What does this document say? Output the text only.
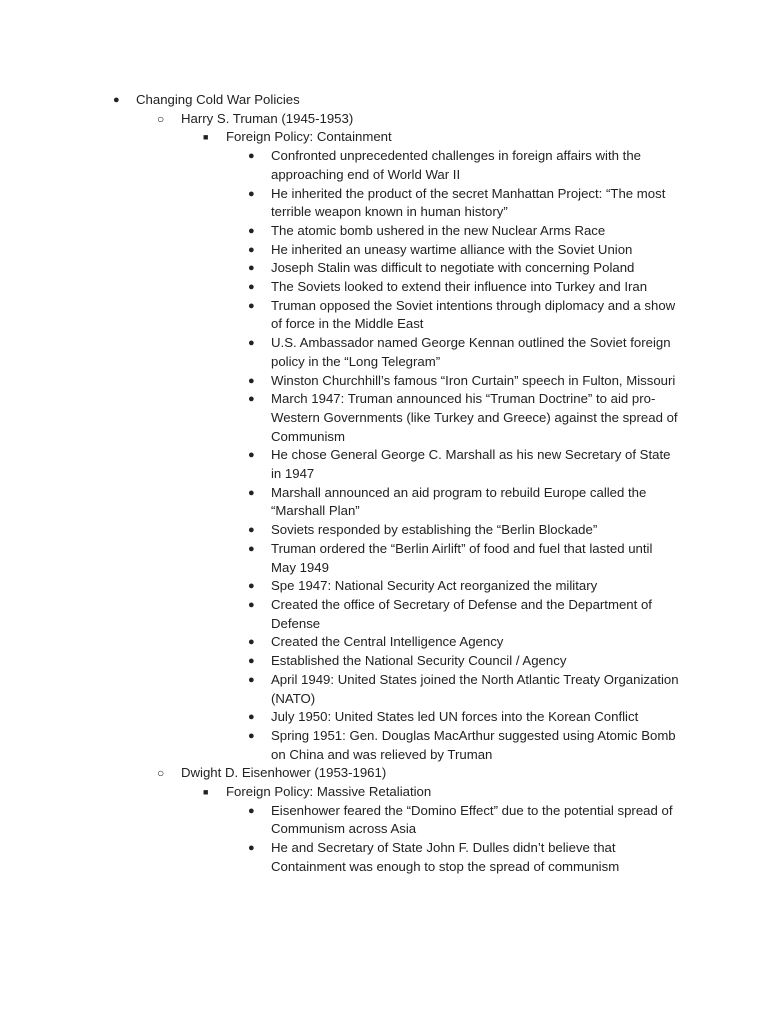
● Changing Cold War Policies
○ Harry S. Truman (1945-1953)
■ Foreign Policy: Containment
● Confronted unprecedented challenges in foreign affairs with the approaching end of World War II
● He inherited the product of the secret Manhattan Project: “The most terrible weapon known in human history”
● The atomic bomb ushered in the new Nuclear Arms Race
● He inherited an uneasy wartime alliance with the Soviet Union
● Joseph Stalin was difficult to negotiate with concerning Poland
● The Soviets looked to extend their influence into Turkey and Iran
● Truman opposed the Soviet intentions through diplomacy and a show of force in the Middle East
● U.S. Ambassador named George Kennan outlined the Soviet foreign policy in the “Long Telegram”
● Winston Churchhill’s famous “Iron Curtain” speech in Fulton, Missouri
● March 1947: Truman announced his “Truman Doctrine” to aid pro-Western Governments (like Turkey and Greece) against the spread of Communism
● He chose General George C. Marshall as his new Secretary of State in 1947
● Marshall announced an aid program to rebuild Europe called the “Marshall Plan”
● Soviets responded by establishing the “Berlin Blockade”
● Truman ordered the “Berlin Airlift” of food and fuel that lasted until May 1949
● Spe 1947: National Security Act reorganized the military
● Created the office of Secretary of Defense and the Department of Defense
● Created the Central Intelligence Agency
● Established the National Security Council / Agency
● April 1949: United States joined the North Atlantic Treaty Organization (NATO)
● July 1950: United States led UN forces into the Korean Conflict
● Spring 1951: Gen. Douglas MacArthur suggested using Atomic Bomb on China and was relieved by Truman
○ Dwight D. Eisenhower (1953-1961)
■ Foreign Policy: Massive Retaliation
● Eisenhower feared the “Domino Effect” due to the potential spread of Communism across Asia
● He and Secretary of State John F. Dulles didn’t believe that Containment was enough to stop the spread of communism
